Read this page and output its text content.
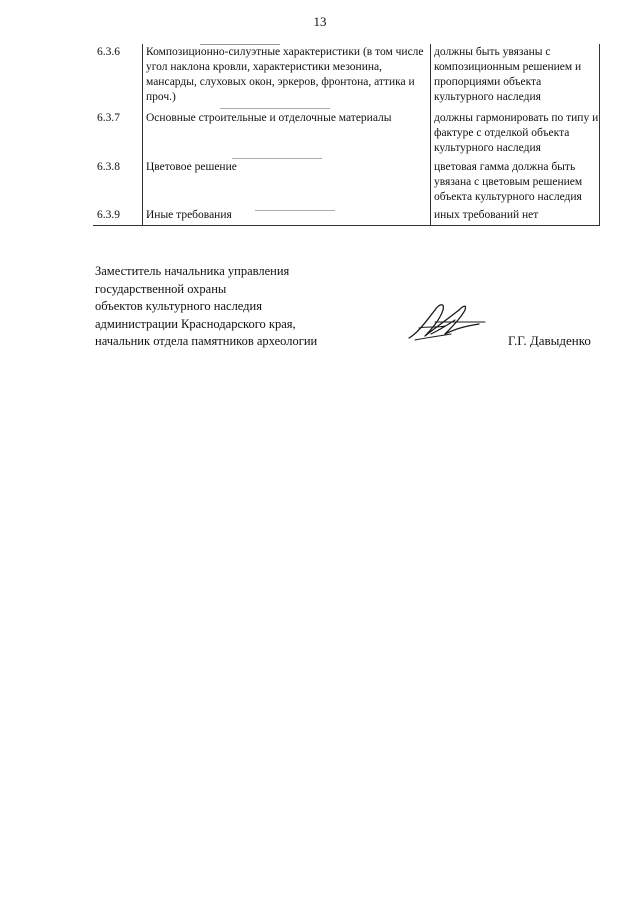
13
6.3.6	Композиционно-силуэтные характеристики (в том числе угол наклона кровли, характеристики мезонина, мансарды, слуховых окон, эркеров, фронтона, аттика и проч.)	должны быть увязаны с композиционным решением и пропорциями объекта культурного наследия
6.3.7	Основные строительные и отделочные материалы	должны гармонировать по типу и фактуре с отделкой объекта культурного наследия
6.3.8	Цветовое решение	цветовая гамма должна быть увязана с цветовым решением объекта культурного наследия
6.3.9	Иные требования	иных требований нет
Заместитель начальника управления
государственной охраны
объектов культурного наследия
администрации Краснодарского края,
начальник отдела памятников археологии	Г.Г. Давыденко
